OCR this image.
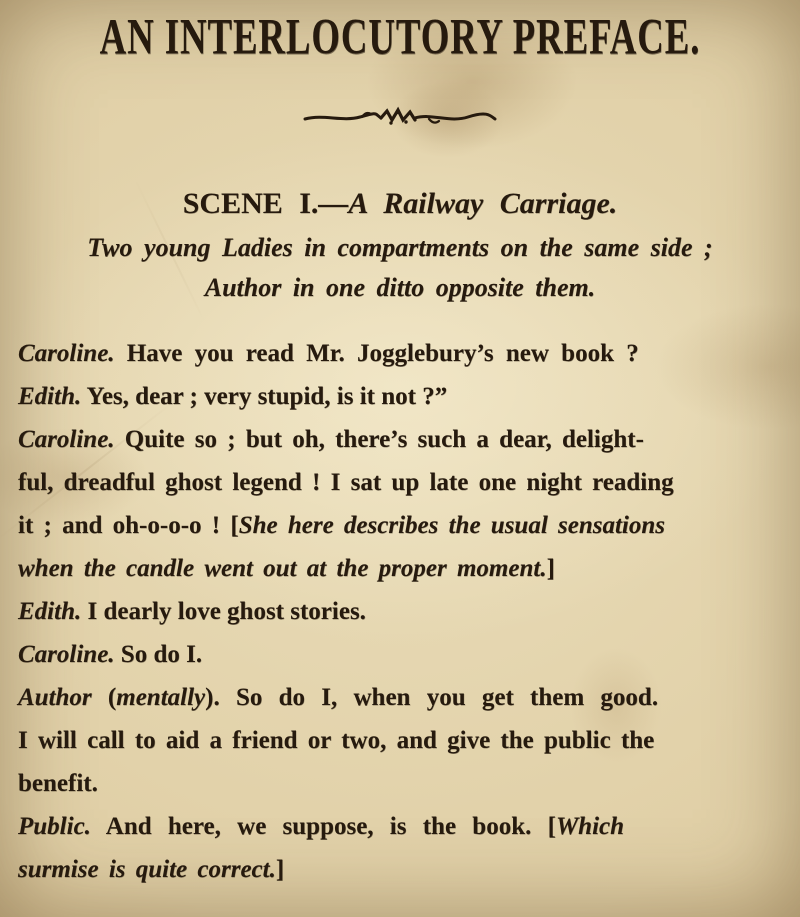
AN INTERLOCUTORY PREFACE.
SCENE I.—A Railway Carriage.
Two young Ladies in compartments on the same side ;
Author in one ditto opposite them.

Caroline. Have you read Mr. Jogglebury’s new book ?

Edith. Yes, dear ; very stupid, is it not ?”

Caroline. Quite so ; but oh, there’s such a dear, delight-

ful, dreadful ghost legend ! I sat up late one night reading

it ; and oh-o-o-o ! [She here describes the usual sensations

when the candle went out at the proper moment.]

Edith. I dearly love ghost stories.

Caroline. So do I.

Author (mentally). So do I, when you get them good.

I will call to aid a friend or two, and give the public the

benefit.

Public. And here, we suppose, is the book. [Which

surmise is quite correct.]
